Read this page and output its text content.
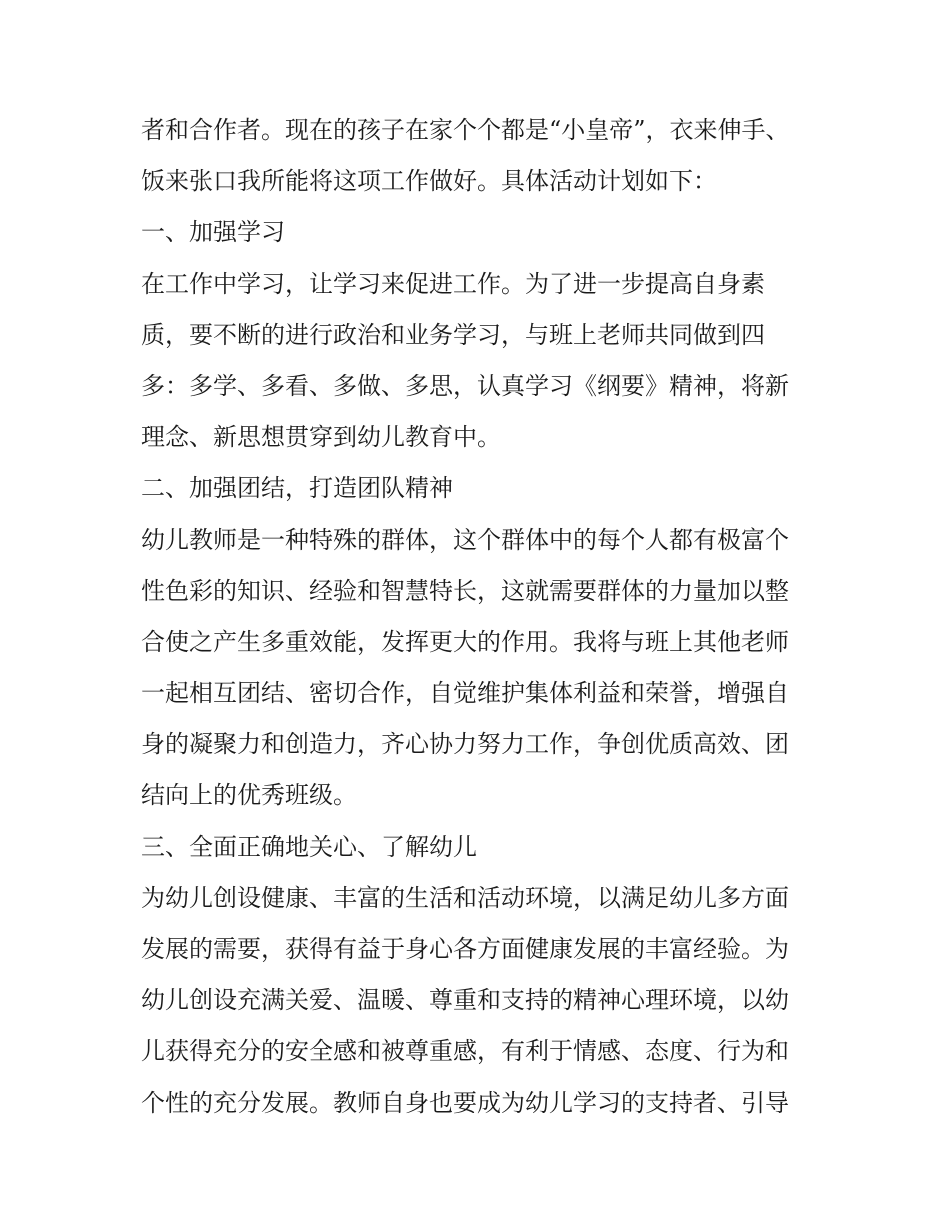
者和合作者。现在的孩子在家个个都是“小皇帝”，衣来伸手、
饭来张口我所能将这项工作做好。具体活动计划如下：
一、加强学习
在工作中学习，让学习来促进工作。为了进一步提高自身素
质，要不断的进行政治和业务学习，与班上老师共同做到四
多：多学、多看、多做、多思，认真学习《纲要》精神，将新
理念、新思想贯穿到幼儿教育中。
二、加强团结，打造团队精神
幼儿教师是一种特殊的群体，这个群体中的每个人都有极富个
性色彩的知识、经验和智慧特长，这就需要群体的力量加以整
合使之产生多重效能，发挥更大的作用。我将与班上其他老师
一起相互团结、密切合作，自觉维护集体利益和荣誉，增强自
身的凝聚力和创造力，齐心协力努力工作，争创优质高效、团
结向上的优秀班级。
三、全面正确地关心、了解幼儿
为幼儿创设健康、丰富的生活和活动环境，以满足幼儿多方面
发展的需要，获得有益于身心各方面健康发展的丰富经验。为
幼儿创设充满关爱、温暖、尊重和支持的精神心理环境，以幼
儿获得充分的安全感和被尊重感，有利于情感、态度、行为和
个性的充分发展。教师自身也要成为幼儿学习的支持者、引导
